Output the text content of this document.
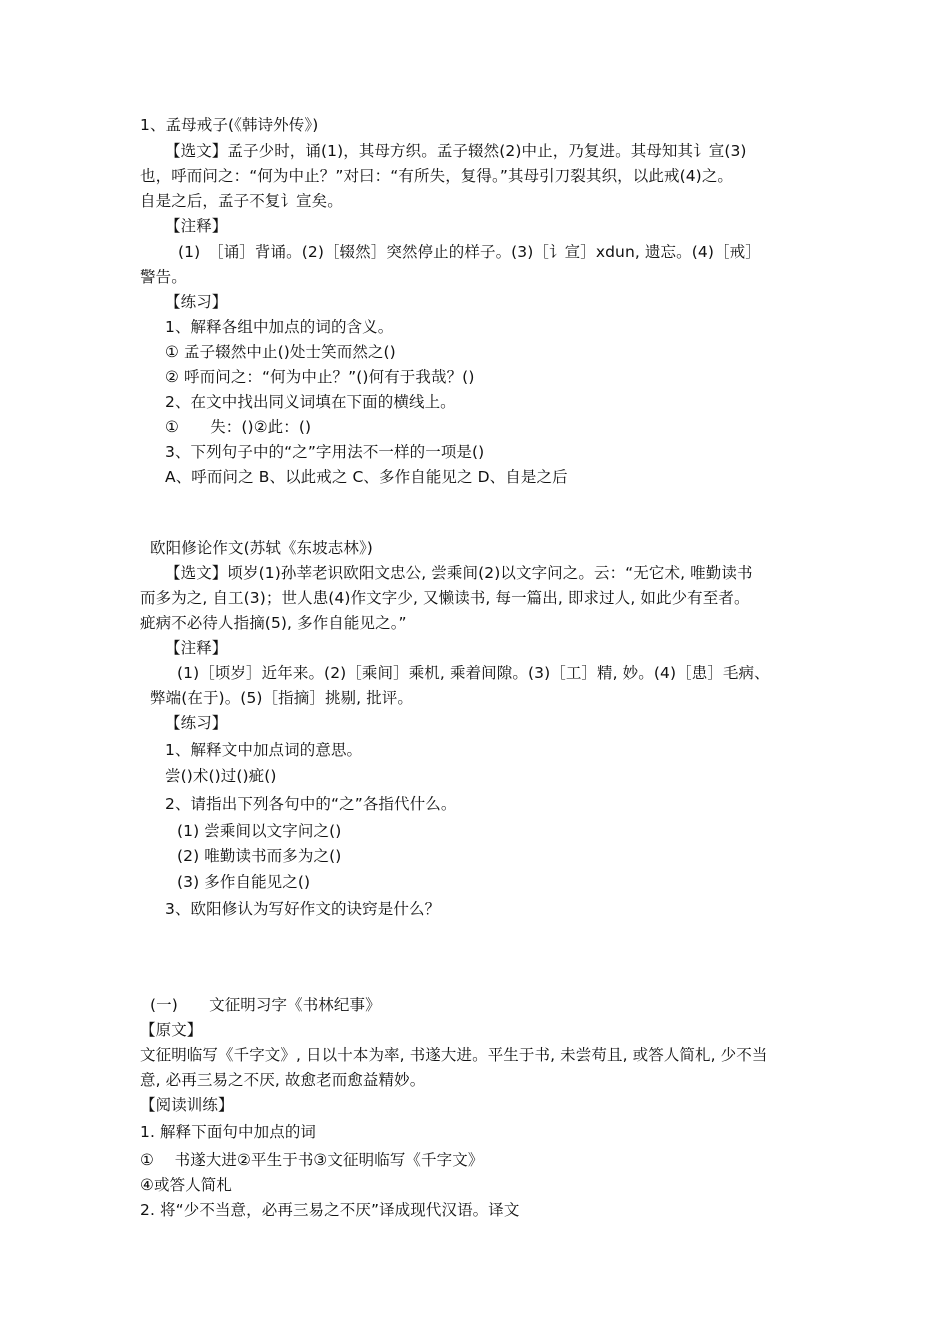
1、孟母戒子(《韩诗外传》)
【选文】孟子少时，诵(1)，其母方织。孟子辍然(2)中止，乃复进。其母知其讠宣(3)
也，呼而问之：“何为中止？”对曰：“有所失，复得。”其母引刀裂其织，以此戒(4)之。
自是之后，孟子不复讠宣矣。
【注释】
(1)　［诵］背诵。(2)［辍然］突然停止的样子。(3)［讠宣］xdun, 遗忘。(4)［戒］
警告。
【练习】
1、解释各组中加点的词的含义。
① 孟子辍然中止()处士笑而然之()
② 呼而问之：“何为中止？”()何有于我哉？()
2、在文中找出同义词填在下面的横线上。
①　　失：()②此：()
3、下列句子中的“之”字用法不一样的一项是()
A、呼而问之 B、以此戒之 C、多作自能见之 D、自是之后
欧阳修论作文(苏轼《东坡志林》)
【选文】顷岁(1)孙莘老识欧阳文忠公, 尝乘间(2)以文字问之。云：“无它术, 唯勤读书
而多为之, 自工(3)；世人患(4)作文字少, 又懒读书, 每一篇出, 即求过人, 如此少有至者。
疵病不必待人指摘(5), 多作自能见之。”
【注释】
(1)［顷岁］近年来。(2)［乘间］乘机, 乘着间隙。(3)［工］精, 妙。(4)［患］毛病、
弊端(在于)。(5)［指摘］挑剔, 批评。
【练习】
1、解释文中加点词的意思。
尝()术()过()疵()
2、请指出下列各句中的“之”各指代什么。
(1) 尝乘间以文字问之()
(2) 唯勤读书而多为之()
(3) 多作自能见之()
3、欧阳修认为写好作文的诀窍是什么？
(一)　　文征明习字《书林纪事》
【原文】
文征明临写《千字文》, 日以十本为率, 书遂大进。平生于书, 未尝苟且, 或答人简札, 少不当
意, 必再三易之不厌, 故愈老而愈益精妙。
【阅读训练】
1. 解释下面句中加点的词
①　 书遂大进②平生于书③文征明临写《千字文》
④或答人简札
2. 将“少不当意，必再三易之不厌”译成现代汉语。译文
